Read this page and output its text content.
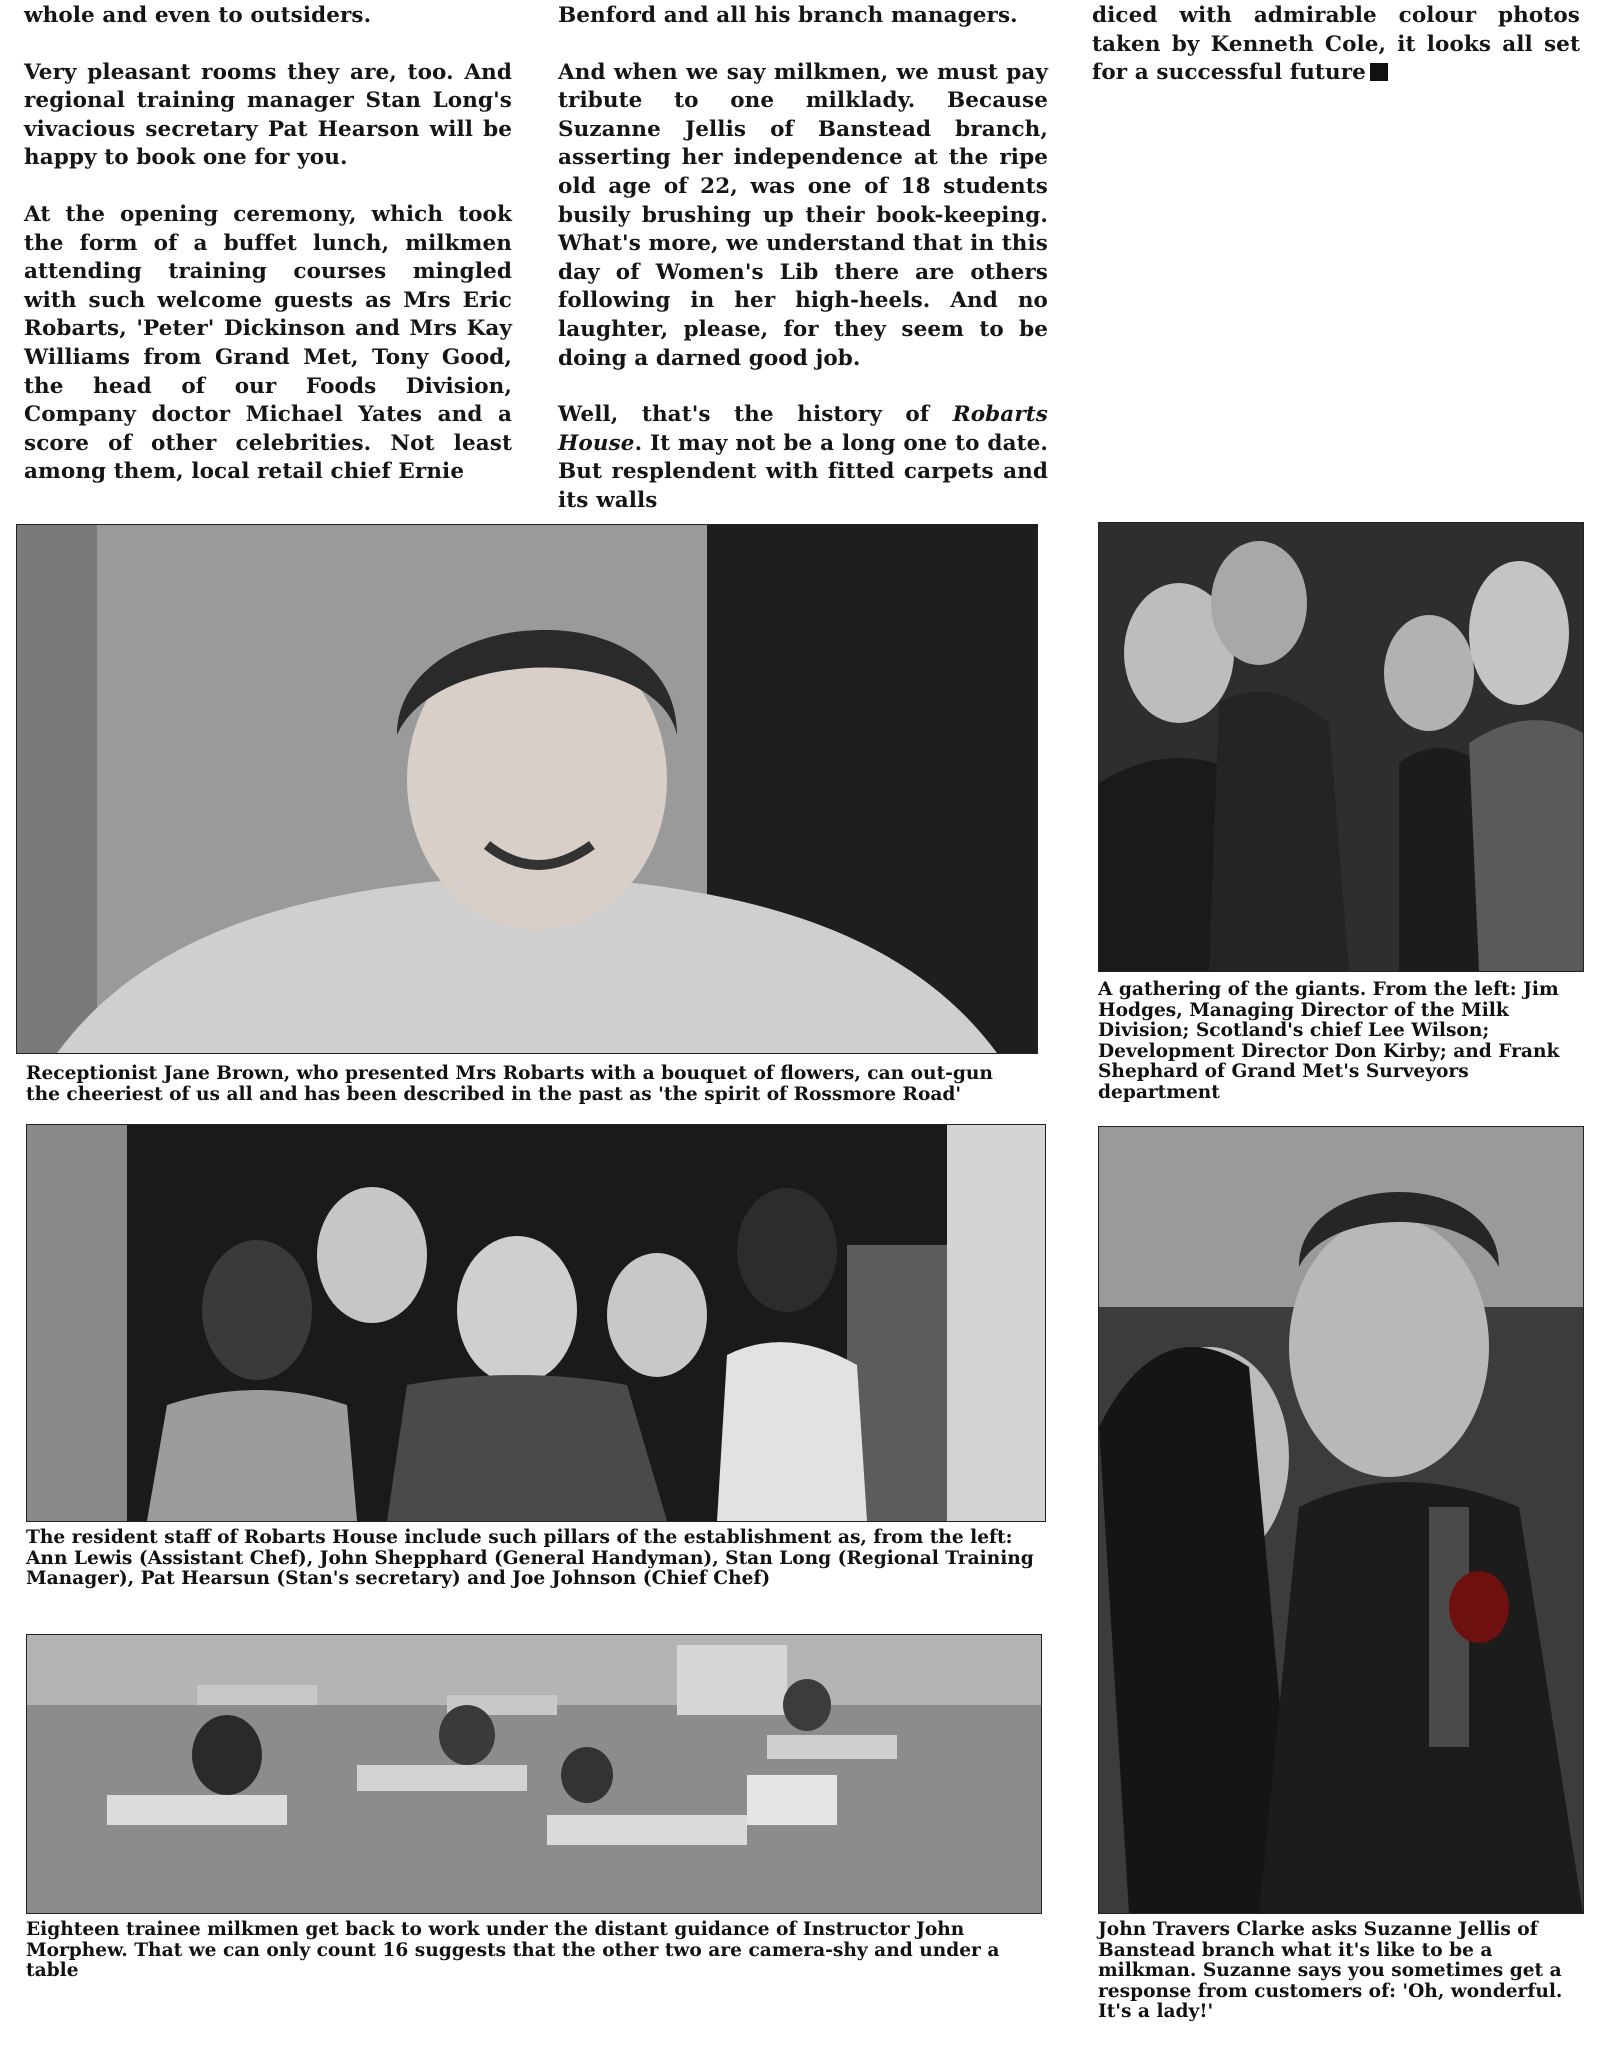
whole and even to outsiders.

Very pleasant rooms they are, too. And regional training manager Stan Long's vivacious secretary Pat Hearson will be happy to book one for you.

At the opening ceremony, which took the form of a buffet lunch, milkmen attending training courses mingled with such welcome guests as Mrs Eric Robarts, 'Peter' Dickinson and Mrs Kay Williams from Grand Met, Tony Good, the head of our Foods Division, Company doctor Michael Yates and a score of other celebrities. Not least among them, local retail chief Ernie

Benford and all his branch managers.

And when we say milkmen, we must pay tribute to one milklady. Because Suzanne Jellis of Banstead branch, asserting her independence at the ripe old age of 22, was one of 18 students busily brushing up their book-keeping. What's more, we understand that in this day of Women's Lib there are others following in her high-heels. And no laughter, please, for they seem to be doing a darned good job.

Well, that's the history of Robarts House. It may not be a long one to date. But resplendent with fitted carpets and its walls

diced with admirable colour photos taken by Kenneth Cole, it looks all set for a successful future

Receptionist Jane Brown, who presented Mrs Robarts with a bouquet of flowers, can out-gun the cheeriest of us all and has been described in the past as 'the spirit of Rossmore Road'

A gathering of the giants. From the left: Jim Hodges, Managing Director of the Milk Division; Scotland's chief Lee Wilson; Development Director Don Kirby; and Frank Shephard of Grand Met's Surveyors department

The resident staff of Robarts House include such pillars of the establishment as, from the left: Ann Lewis (Assistant Chef), John Shepphard (General Handyman), Stan Long (Regional Training Manager), Pat Hearsun (Stan's secretary) and Joe Johnson (Chief Chef)

Eighteen trainee milkmen get back to work under the distant guidance of Instructor John Morphew. That we can only count 16 suggests that the other two are camera-shy and under a table

John Travers Clarke asks Suzanne Jellis of Banstead branch what it's like to be a milkman. Suzanne says you sometimes get a response from customers of: 'Oh, wonderful. It's a lady!'
